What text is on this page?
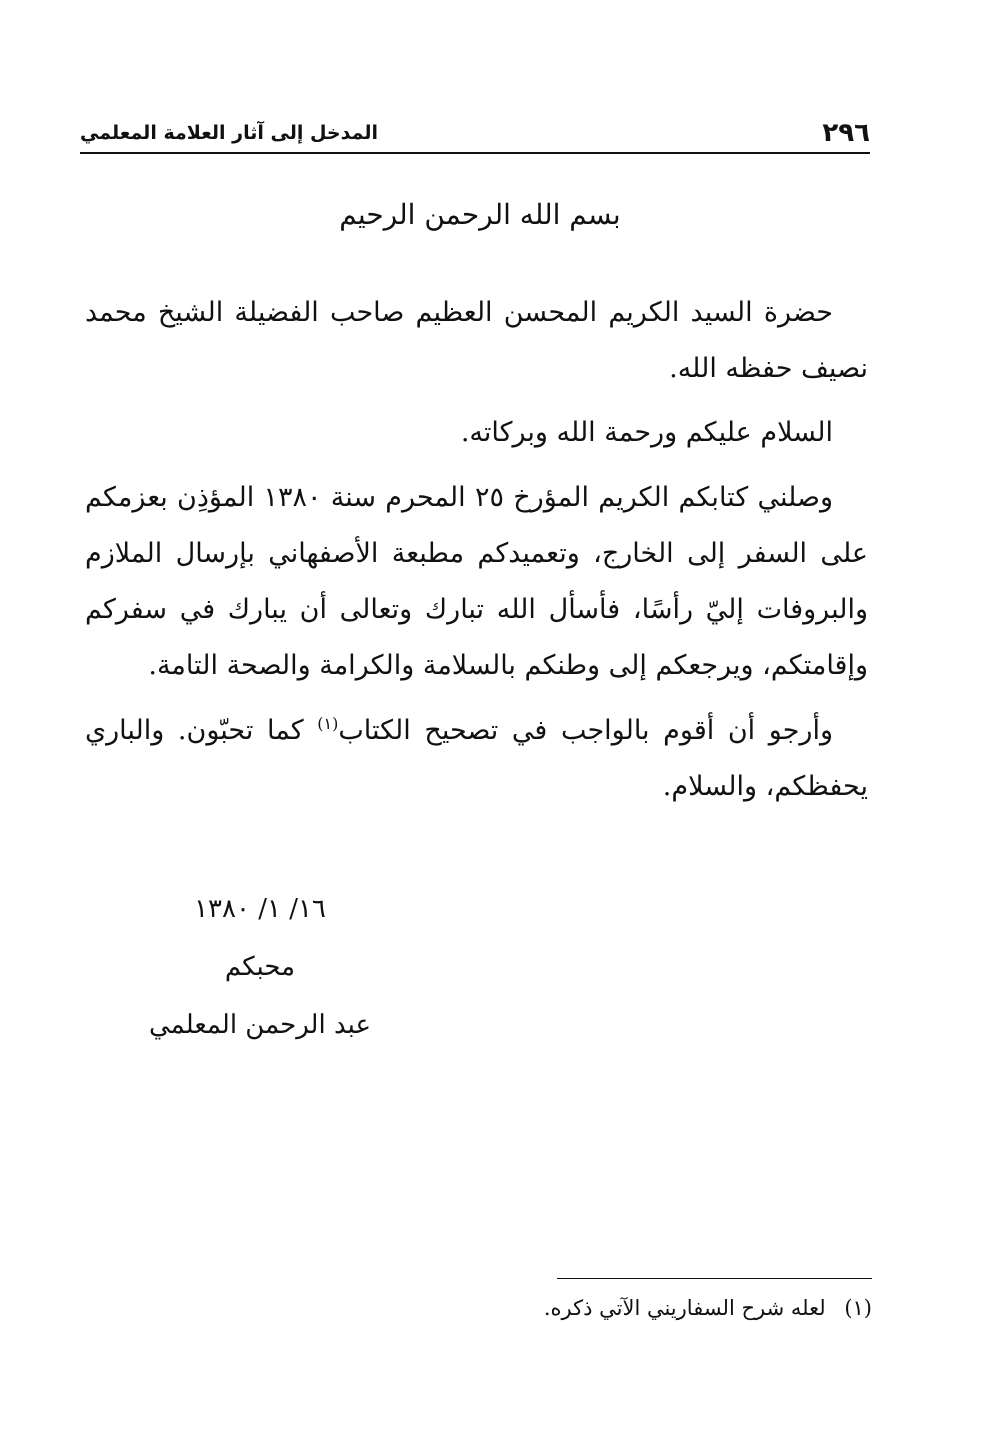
٢٩٦
المدخل إلى آثار العلامة المعلمي
بسم الله الرحمن الرحيم

حضرة السيد الكريم المحسن العظيم صاحب الفضيلة الشيخ محمد نصيف حفظه الله.

السلام عليكم ورحمة الله وبركاته.

وصلني كتابكم الكريم المؤرخ ٢٥ المحرم سنة ١٣٨٠ المؤذِن بعزمكم على السفر إلى الخارج، وتعميدكم مطبعة الأصفهاني بإرسال الملازم والبروفات إليّ رأسًا، فأسأل الله تبارك وتعالى أن يبارك في سفركم وإقامتكم، ويرجعكم إلى وطنكم بالسلامة والكرامة والصحة التامة.

وأرجو أن أقوم بالواجب في تصحيح الكتاب$^{(١)}$ كما تحبّون. والباري يحفظكم، والسلام.

١٦/ ١/ ١٣٨٠
محبكم
عبد الرحمن المعلمي
(١) لعله شرح السفاريني الآتي ذكره.
